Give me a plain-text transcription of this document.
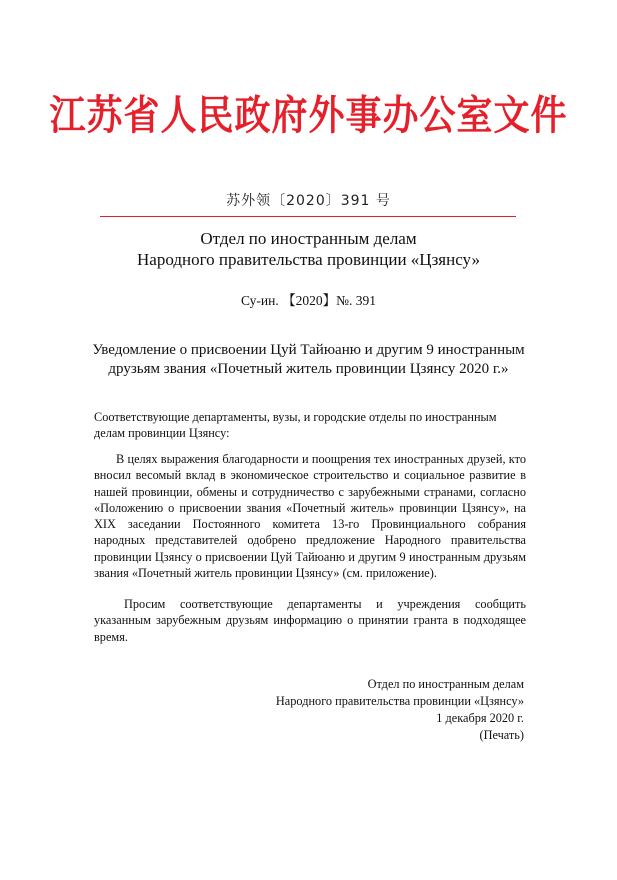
江苏省人民政府外事办公室文件
苏外领〔2020〕391 号
Отдел по иностранным делам
Народного правительства провинции «Цзянсу»
Су-ин. 【2020】№. 391
Уведомление о присвоении Цуй Тайюаню и другим 9 иностранным
друзьям звания «Почетный житель провинции Цзянсу 2020 г.»
Соответствующие департаменты, вузы, и городские отделы по иностранным делам провинции Цзянсу:
В целях выражения благодарности и поощрения тех иностранных друзей, кто вносил весомый вклад в экономическое строительство и социальное развитие в нашей провинции, обмены и сотрудничество с зарубежными странами, согласно «Положению о присвоении звания «Почетный житель» провинции Цзянсу», на XIX заседании Постоянного комитета 13-го Провинциального собрания народных представителей одобрено предложение Народного правительства провинции Цзянсу о присвоении Цуй Тайюаню и другим 9 иностранным друзьям звания «Почетный житель провинции Цзянсу» (см. приложение).
Просим соответствующие департаменты и учреждения сообщить указанным зарубежным друзьям информацию о принятии гранта в подходящее время.
Отдел по иностранным делам
Народного правительства провинции «Цзянсу»
1 декабря 2020 г.
(Печать)
